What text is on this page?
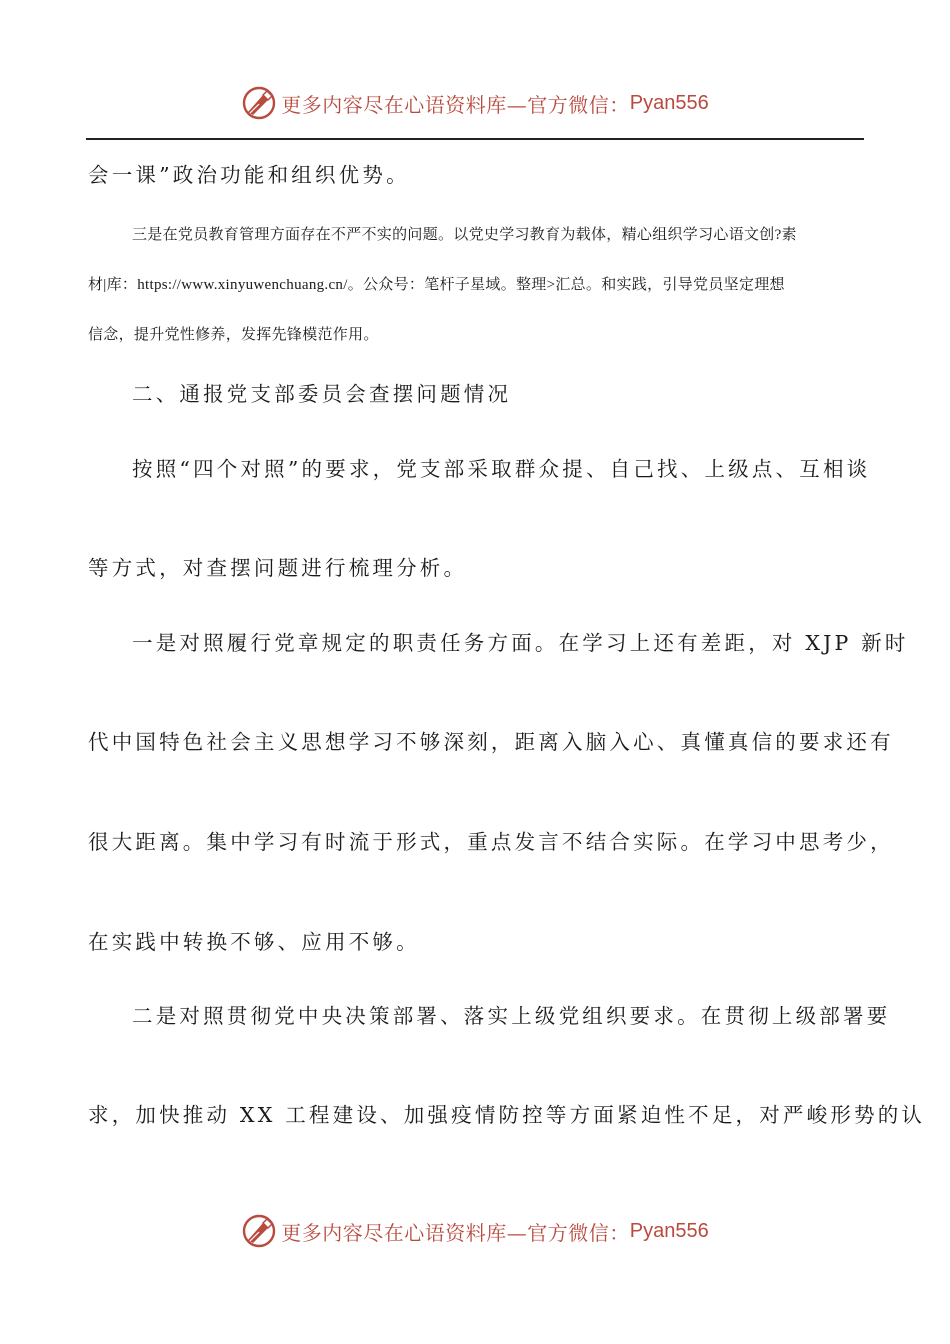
更多内容尽在心语资料库—官方微信： Pyan556
会一课”政治功能和组织优势。
三是在党员教育管理方面存在不严不实的问题。以党史学习教育为载体，精心组织学习心语文创?素
材|库：https://www.xinyuwenchuang.cn/。公众号：笔杆子星域。整理>汇总。和实践，引导党员坚定理想
信念，提升党性修养，发挥先锋模范作用。
二、通报党支部委员会查摆问题情况
按照“四个对照”的要求，党支部采取群众提、自己找、上级点、互相谈
等方式，对查摆问题进行梳理分析。
一是对照履行党章规定的职责任务方面。在学习上还有差距，对 XJP 新时
代中国特色社会主义思想学习不够深刻，距离入脑入心、真懂真信的要求还有
很大距离。集中学习有时流于形式，重点发言不结合实际。在学习中思考少，
在实践中转换不够、应用不够。
二是对照贯彻党中央决策部署、落实上级党组织要求。在贯彻上级部署要
求，加快推动 XX 工程建设、加强疫情防控等方面紧迫性不足，对严峻形势的认
更多内容尽在心语资料库—官方微信： Pyan556
